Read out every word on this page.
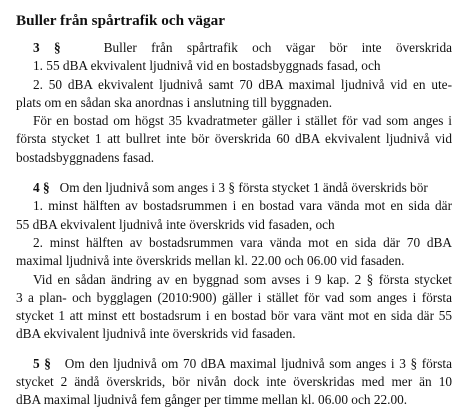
Buller från spårtrafik och vägar
3 §	Buller från spårtrafik och vägar bör inte överskrida
1. 55 dBA ekvivalent ljudnivå vid en bostadsbyggnads fasad, och
2. 50 dBA ekvivalent ljudnivå samt 70 dBA maximal ljudnivå vid en ute-
plats om en sådan ska anordnas i anslutning till byggnaden.
För en bostad om högst 35 kvadratmeter gäller i stället för vad som anges i
första stycket 1 att bullret inte bör överskrida 60 dBA ekvivalent ljudnivå vid
bostadsbyggnadens fasad.
4 § Om den ljudnivå som anges i 3 § första stycket 1 ändå överskrids bör
1. minst hälften av bostadsrummen i en bostad vara vända mot en sida där
55 dBA ekvivalent ljudnivå inte överskrids vid fasaden, och
2. minst hälften av bostadsrummen vara vända mot en sida där 70 dBA
maximal ljudnivå inte överskrids mellan kl. 22.00 och 06.00 vid fasaden.
Vid en sådan ändring av en byggnad som avses i 9 kap. 2 § första stycket
3 a plan- och bygglagen (2010:900) gäller i stället för vad som anges i första
stycket 1 att minst ett bostadsrum i en bostad bör vara vänt mot en sida där 55
dBA ekvivalent ljudnivå inte överskrids vid fasaden.
5 § Om den ljudnivå om 70 dBA maximal ljudnivå som anges i 3 § första
stycket 2 ändå överskrids, bör nivån dock inte överskridas med mer än 10
dBA maximal ljudnivå fem gånger per timme mellan kl. 06.00 och 22.00.
